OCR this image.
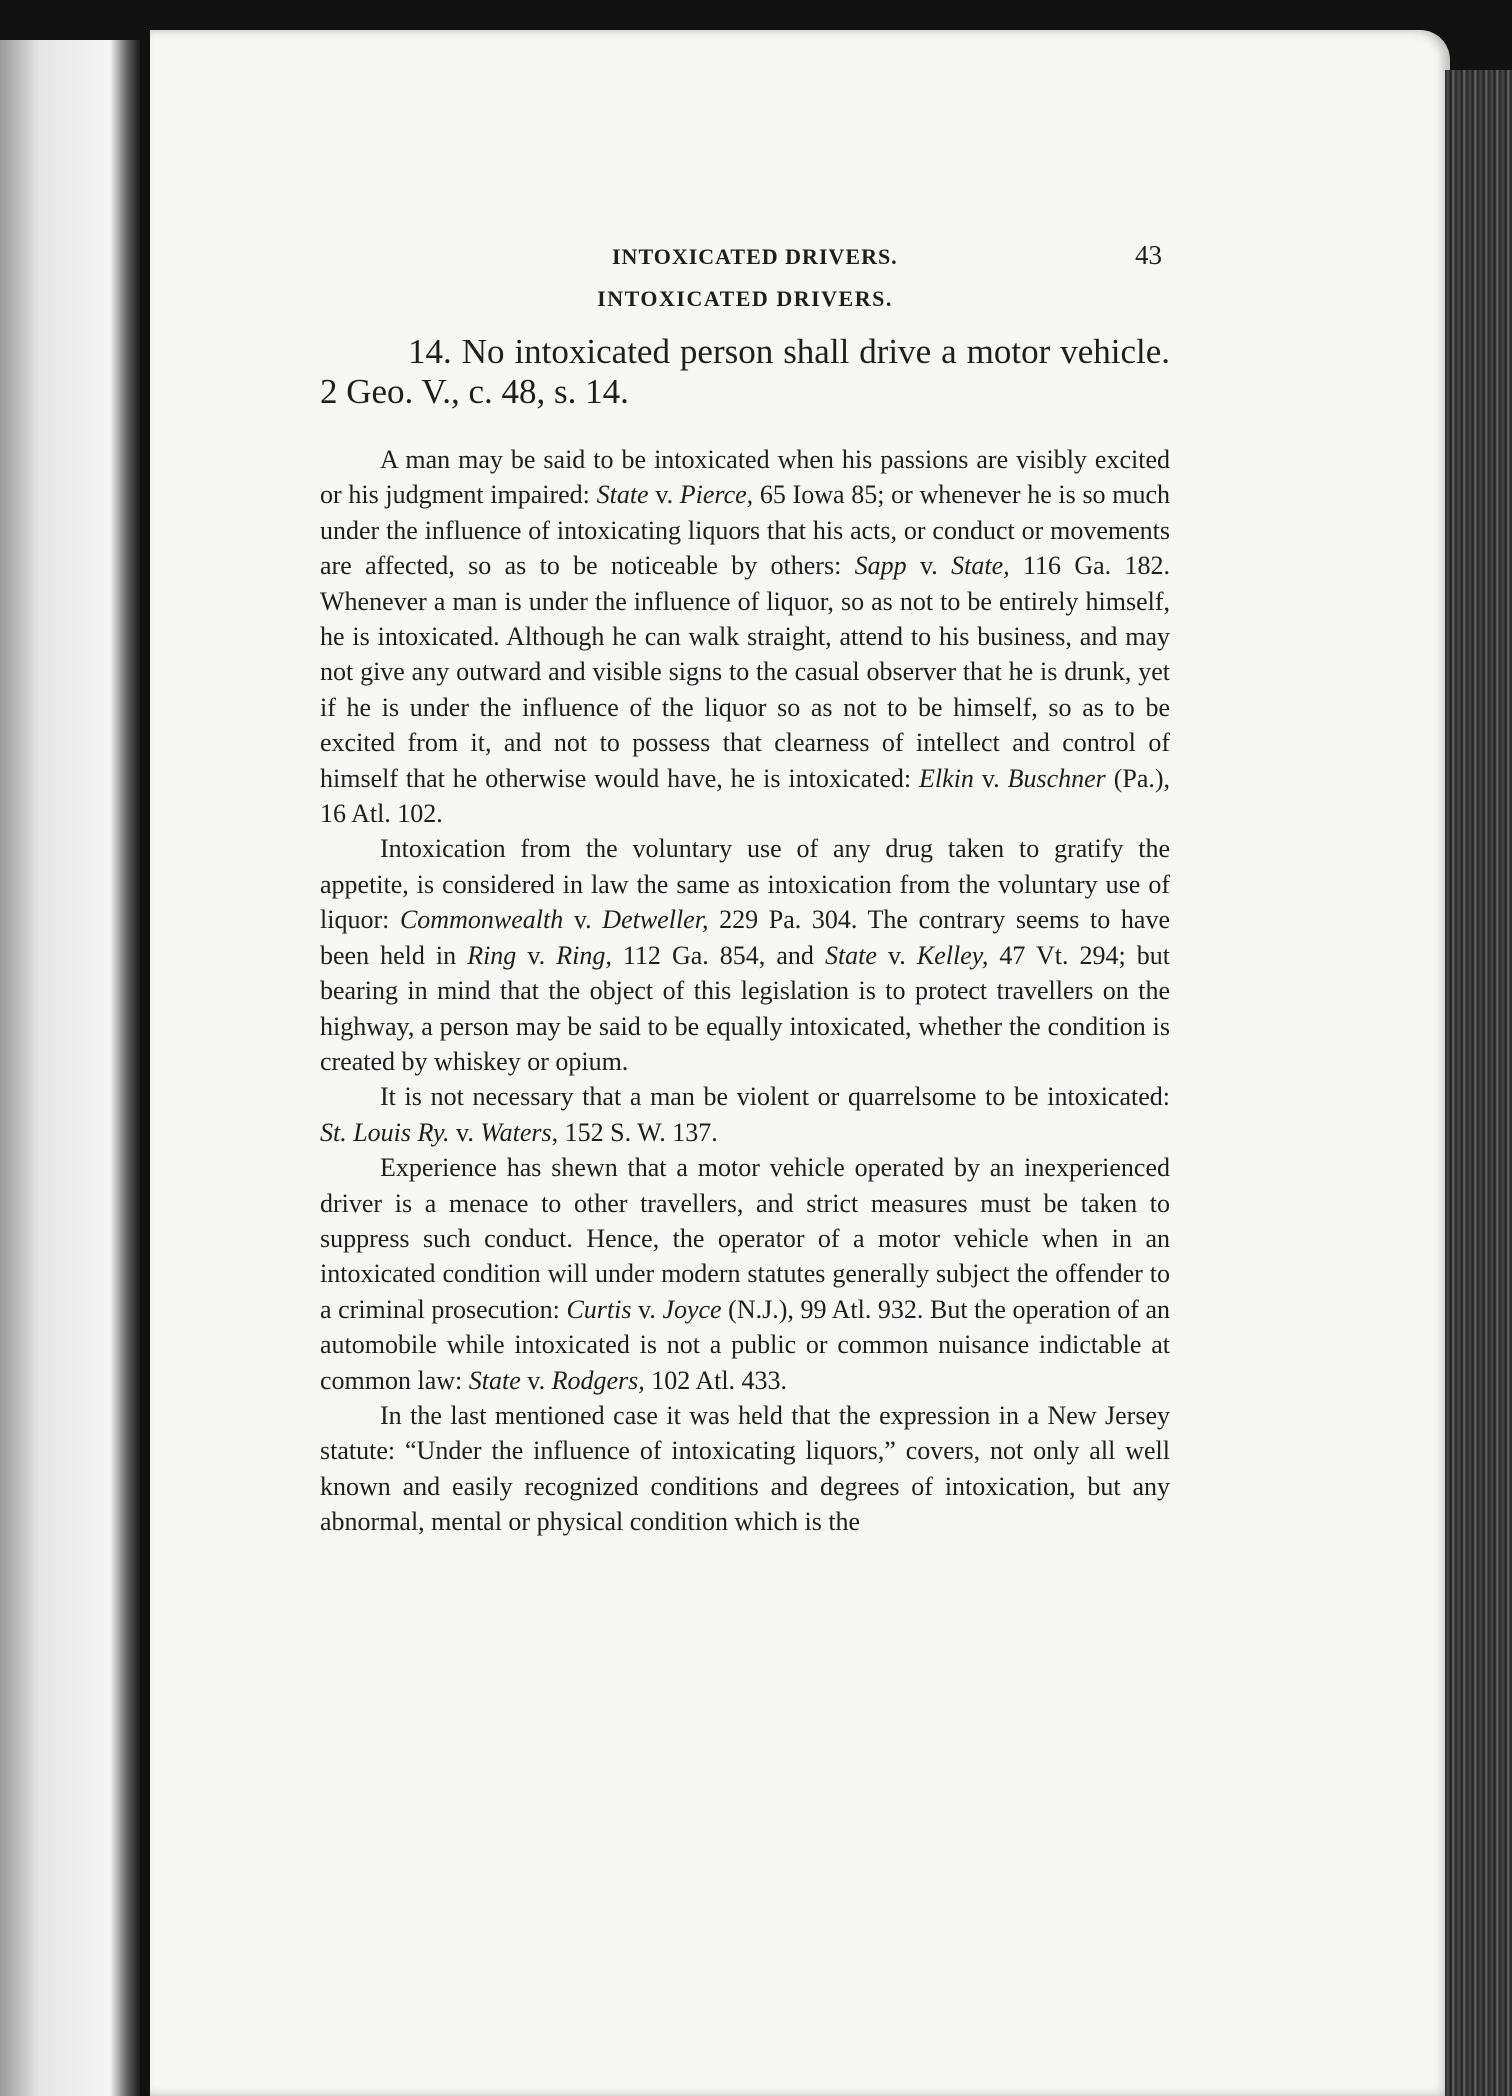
INTOXICATED DRIVERS.	43
INTOXICATED DRIVERS.

14. No intoxicated person shall drive a motor vehicle. 2 Geo. V., c. 48, s. 14.

A man may be said to be intoxicated when his passions are visibly excited or his judgment impaired: State v. Pierce, 65 Iowa 85; or whenever he is so much under the influence of intoxicating liquors that his acts, or conduct or movements are affected, so as to be noticeable by others: Sapp v. State, 116 Ga. 182. Whenever a man is under the influence of liquor, so as not to be entirely himself, he is intoxicated. Although he can walk straight, attend to his business, and may not give any outward and visible signs to the casual observer that he is drunk, yet if he is under the influence of the liquor so as not to be himself, so as to be excited from it, and not to possess that clearness of intellect and control of himself that he otherwise would have, he is intoxicated: Elkin v. Buschner (Pa.), 16 Atl. 102.

Intoxication from the voluntary use of any drug taken to gratify the appetite, is considered in law the same as intoxication from the voluntary use of liquor: Commonwealth v. Detweller, 229 Pa. 304. The contrary seems to have been held in Ring v. Ring, 112 Ga. 854, and State v. Kelley, 47 Vt. 294; but bearing in mind that the object of this legislation is to protect travellers on the highway, a person may be said to be equally intoxicated, whether the condition is created by whiskey or opium.

It is not necessary that a man be violent or quarrelsome to be intoxicated: St. Louis Ry. v. Waters, 152 S. W. 137.

Experience has shewn that a motor vehicle operated by an inexperienced driver is a menace to other travellers, and strict measures must be taken to suppress such conduct. Hence, the operator of a motor vehicle when in an intoxicated condition will under modern statutes generally subject the offender to a criminal prosecution: Curtis v. Joyce (N.J.), 99 Atl. 932. But the operation of an automobile while intoxicated is not a public or common nuisance indictable at common law: State v. Rodgers, 102 Atl. 433.

In the last mentioned case it was held that the expression in a New Jersey statute: “Under the influence of intoxicating liquors,” covers, not only all well known and easily recognized conditions and degrees of intoxication, but any abnormal, mental or physical condition which is the
